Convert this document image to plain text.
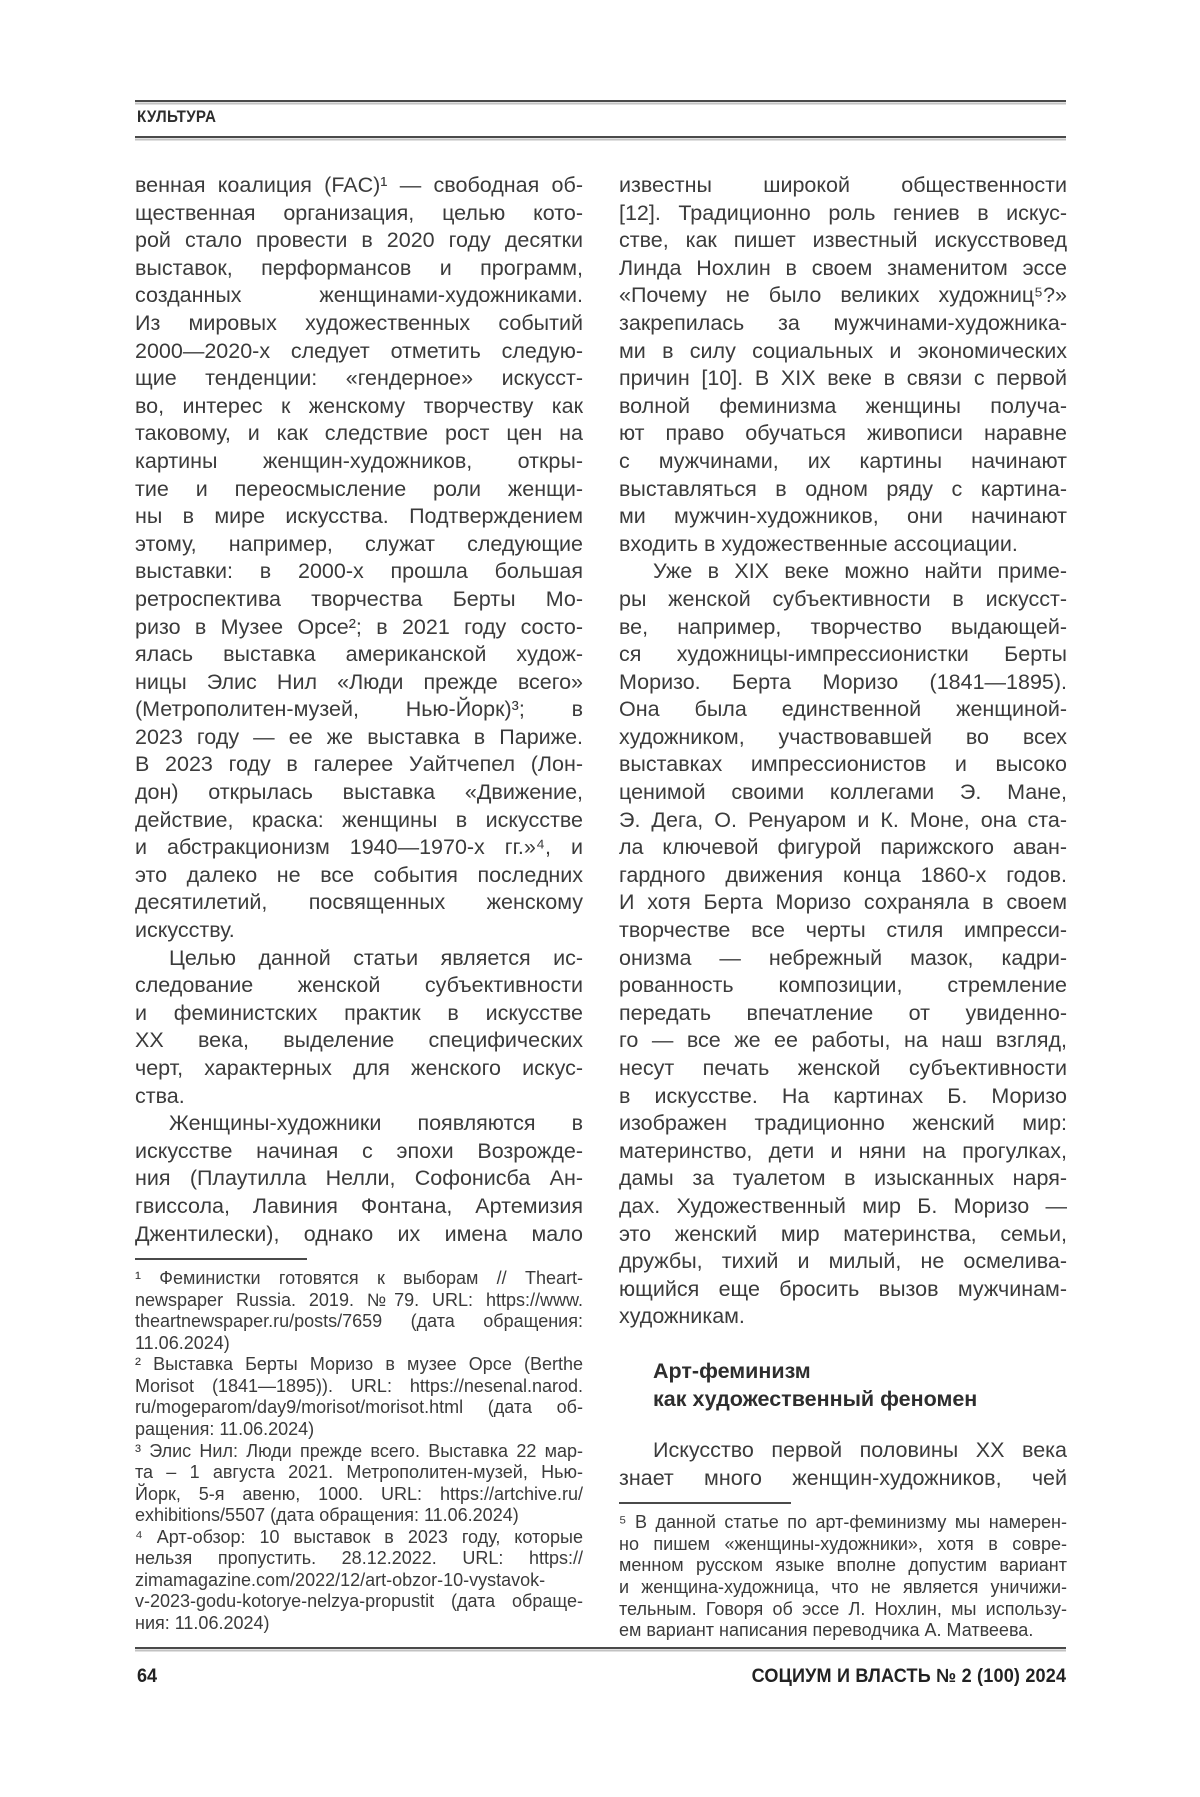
КУЛЬТУРА
венная коалиция (FAC)¹ — свободная об-
щественная организация, целью кото-
рой стало провести в 2020 году десятки
выставок, перформансов и программ,
созданных женщинами-художниками.
Из мировых художественных событий
2000—2020-х следует отметить следую-
щие тенденции: «гендерное» искусст-
во, интерес к женскому творчеству как
таковому, и как следствие рост цен на
картины женщин-художников, откры-
тие и переосмысление роли женщи-
ны в мире искусства. Подтверждением
этому, например, служат следующие
выставки: в 2000-х прошла большая
ретроспектива творчества Берты Мо-
ризо в Музее Орсе²; в 2021 году состо-
ялась выставка американской худож-
ницы Элис Нил «Люди прежде всего»
(Метрополитен-музей, Нью-Йорк)³; в
2023 году — ее же выставка в Париже.
В 2023 году в галерее Уайтчепел (Лон-
дон) открылась выставка «Движение,
действие, краска: женщины в искусстве
и абстракционизм 1940—1970-х гг.»⁴, и
это далеко не все события последних
десятилетий, посвященных женскому
искусству.
Целью данной статьи является ис-
следование женской субъективности
и феминистских практик в искусстве
XX века, выделение специфических
черт, характерных для женского искус-
ства.
Женщины-художники появляются в
искусстве начиная с эпохи Возрожде-
ния (Плаутилла Нелли, Софонисба Ан-
гвиссола, Лавиния Фонтана, Артемизия
Джентилески), однако их имена мало
¹ Феминистки готовятся к выборам // Theart-
newspaper Russia. 2019. №79. URL: https://www.
theartnewspaper.ru/posts/7659 (дата обращения:
11.06.2024)
² Выставка Берты Моризо в музее Орсе (Berthe
Morisot (1841—1895)). URL: https://nesenal.narod.
ru/mogeparom/day9/morisot/morisot.html (дата об-
ращения: 11.06.2024)
³ Элис Нил: Люди прежде всего. Выставка 22 мар-
та – 1 августа 2021. Метрополитен-музей, Нью-
Йорк, 5-я авеню, 1000. URL: https://artchive.ru/
exhibitions/5507 (дата обращения: 11.06.2024)
⁴ Арт-обзор: 10 выставок в 2023 году, которые
нельзя пропустить. 28.12.2022. URL: https://
zimamagazine.com/2022/12/art-obzor-10-vystavok-
v-2023-godu-kotorye-nelzya-propustit (дата обраще-
ния: 11.06.2024)
известны широкой общественности
[12]. Традиционно роль гениев в искус-
стве, как пишет известный искусствовед
Линда Нохлин в своем знаменитом эссе
«Почему не было великих художниц⁵?»
закрепилась за мужчинами-художника-
ми в силу социальных и экономических
причин [10]. В XIX веке в связи с первой
волной феминизма женщины получа-
ют право обучаться живописи наравне
с мужчинами, их картины начинают
выставляться в одном ряду с картина-
ми мужчин-художников, они начинают
входить в художественные ассоциации.
Уже в XIX веке можно найти приме-
ры женской субъективности в искусст-
ве, например, творчество выдающей-
ся художницы-импрессионистки Берты
Моризо. Берта Моризо (1841—1895).
Она была единственной женщиной-
художником, участвовавшей во всех
выставках импрессионистов и высоко
ценимой своими коллегами Э. Мане,
Э. Дега, О. Ренуаром и К. Моне, она ста-
ла ключевой фигурой парижского аван-
гардного движения конца 1860-х годов.
И хотя Берта Моризо сохраняла в своем
творчестве все черты стиля импресси-
онизма — небрежный мазок, кадри-
рованность композиции, стремление
передать впечатление от увиденно-
го — все же ее работы, на наш взгляд,
несут печать женской субъективности
в искусстве. На картинах Б. Моризо
изображен традиционно женский мир:
материнство, дети и няни на прогулках,
дамы за туалетом в изысканных наря-
дах. Художественный мир Б. Моризо —
это женский мир материнства, семьи,
дружбы, тихий и милый, не осмелива-
ющийся еще бросить вызов мужчинам-
художникам.
Арт-феминизм
как художественный феномен
Искусство первой половины XX века
знает много женщин-художников, чей
⁵ В данной статье по арт-феминизму мы намерен-
но пишем «женщины-художники», хотя в совре-
менном русском языке вполне допустим вариант
и женщина-художница, что не является уничижи-
тельным. Говоря об эссе Л. Нохлин, мы использу-
ем вариант написания переводчика А. Матвеева.
64	СОЦИУМ И ВЛАСТЬ № 2 (100) 2024
